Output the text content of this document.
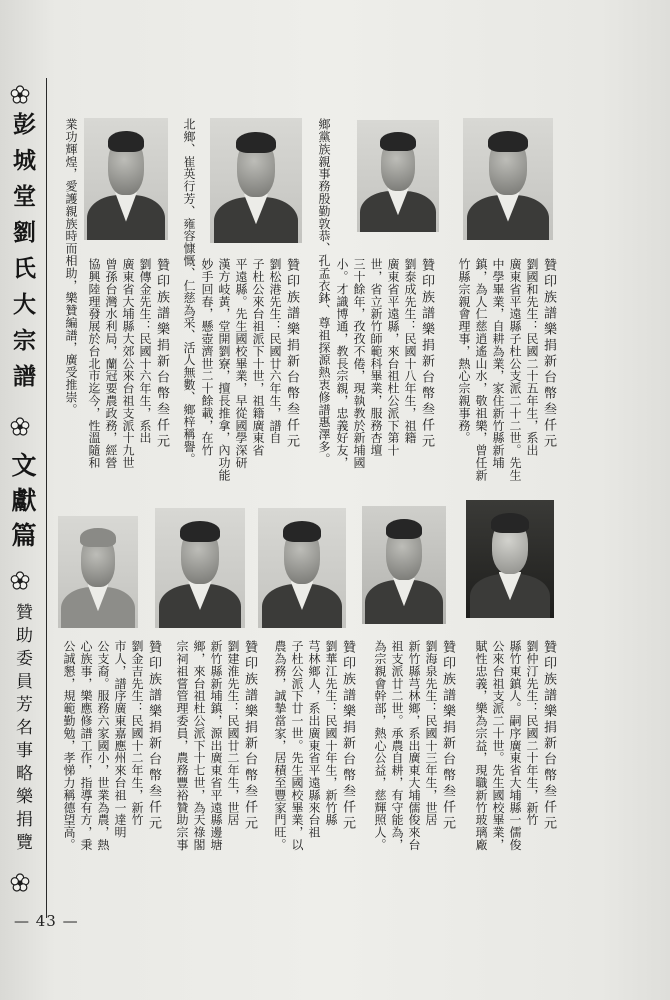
彭城堂劉氏大宗譜
文獻篇
贊助委員芳名事略樂捐覽
— 43 —
贊印族譜樂捐新台幣叁仟元
劉國和先生：民國二十五年生，系出
廣東省平遠縣子杜公支派二十二世。先生
中學畢業，自耕為業，家住新竹縣新埔
鎮，為人仁慈逍遙山水，敬祖樂，曾任新
竹縣宗親會理事，熱心宗親事務。
贊印族譜樂捐新台幣叁仟元
劉泰成先生：民國十八年生，祖籍
廣東省平遠縣，來台祖杜公派下第十
世，省立新竹師範科畢業，服務杏壇
三十餘年，孜孜不倦，現執教於新埔國
小。才識博通，教長宗親，忠義好友，
鄉黨族親事務殷勤敦恭、孔孟衣鉢、尊祖探源熱衷修譜惠澤多。
贊印族譜樂捐新台幣叁仟元
劉松港先生：民國廿六年生，譜自
子杜公來台祖派下十世，祖籍廣東省
平遠縣。先生國校畢業，早從國學深研
漢方岐黃，堂開劉寮，擅長推拿，內功能
妙手回春，懸壺濟世二十餘載，在竹
北鄉、崔英行芳、雍容慷慨、仁慈為采、活人無數、鄉梓稱譽。
贊印族譜樂捐新台幣叁仟元
劉傳金先生：民國十六年生，系出
廣東省大埔縣大郊公來台祖支派十九世
曾孫台灣水利局，蘭冠要農政務，經營
協興陸理發展於台北市迄今，性溫隨和
業功輝煌，愛護親族時而相助，樂贊編譜，廣受推崇。
贊印族譜樂捐新台幣叁仟元
劉仲汀先生：民國二十年生，新竹
縣竹東鎮人。嗣序廣東省大埔縣一儒俊
公來台祖支派二十世。先生國校畢業，
賦性忠義，樂為宗益，現職新竹玻璃廠
贊印族譜樂捐新台幣叁仟元
劉海泉先生：民國十三年生，世居
新竹縣芎林鄉，系出廣東大埔儒俊來台
祖支派廿二世。承農自耕，有守能為，
為宗親會幹部，熱心公益，慈輝照人。
贊印族譜樂捐新台幣叁仟元
劉華江先生：民國十年生，新竹縣
芎林鄉人，系出廣東省平遠縣來台祖
子杜公派下廿一世。先生國校畢業，以
農為務，誠摯當家，居積至豐家門旺。
贊印族譜樂捐新台幣叁仟元
劉建淮先生：民國廿二年生，世居
新竹縣新埔鎮，源出廣東省平遠縣邊塘
鄉，來台祖杜公派下十七世，為天祿閣
宗祠祖嘗管理委員，農務豐裕贊助宗事
贊印族譜樂捐新台幣叁仟元
劉金吉先生：民國十二年生，新竹
市人，譜序廣東嘉應州來台祖一達明
公支裔。服務六家國小，世業為農，熱
心族事，樂應修譜工作，指導有方，秉
公誠懇，規範勤勉，孝悌力稱德望高。
